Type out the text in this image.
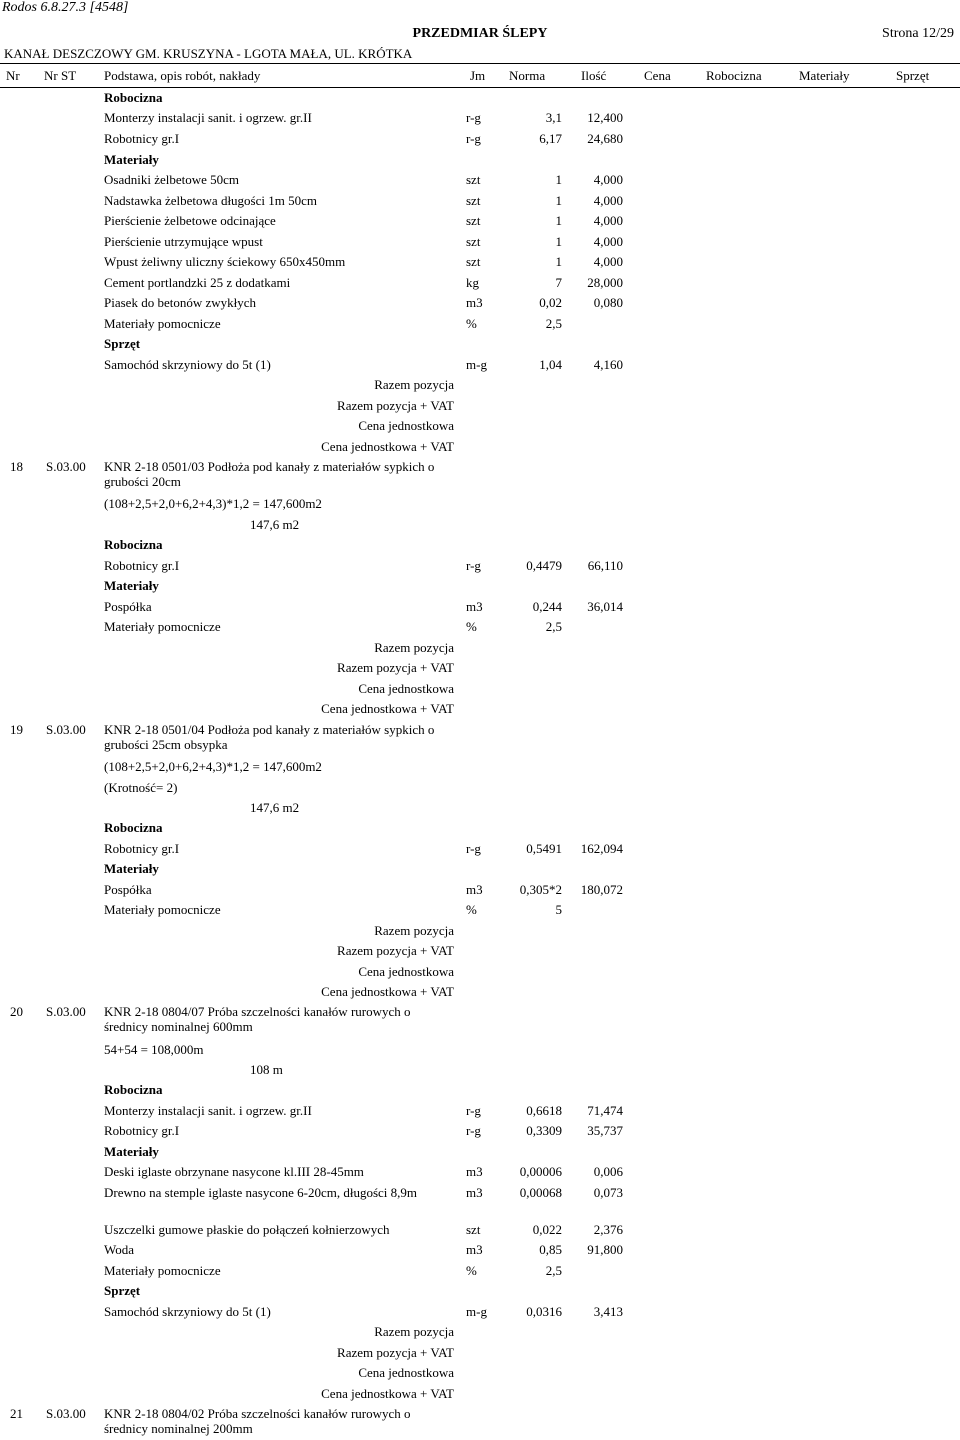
Rodos 6.8.27.3 [4548]
PRZEDMIAR ŚLEPY	Strona 12/29
KANAŁ DESZCZOWY GM. KRUSZYNA - LGOTA MAŁA, UL. KRÓTKA
Nr Nr ST Podstawa, opis robót, nakłady	Jm Norma	Ilość	Cena	Robocizna	Materiały	Sprzęt
Robocizna
Monterzy instalacji sanit. i ogrzew. gr.II	r-g	3,1	12,400
Robotnicy gr.I	r-g	6,17	24,680
Materiały
Osadniki żelbetowe 50cm	szt	1	4,000
Nadstawka żelbetowa długości 1m 50cm	szt	1	4,000
Pierścienie żelbetowe odcinające	szt	1	4,000
Pierścienie utrzymujące wpust	szt	1	4,000
Wpust żeliwny uliczny ściekowy 650x450mm	szt	1	4,000
Cement portlandzki 25 z dodatkami	kg	7	28,000
Piasek do betonów zwykłych	m3	0,02	0,080
Materiały pomocnicze	%	2,5
Sprzęt
Samochód skrzyniowy do 5t (1)	m-g	1,04	4,160
Razem pozycja
Razem pozycja + VAT
Cena jednostkowa
Cena jednostkowa + VAT
18 S.03.00 KNR 2-18 0501/03 Podłoża pod kanały z materiałów sypkich o grubości 20cm
(108+2,5+2,0+6,2+4,3)*1,2 = 147,600m2
147,6 m2
Robocizna
Robotnicy gr.I	r-g	0,4479	66,110
Materiały
Pospółka	m3	0,244	36,014
Materiały pomocnicze	%	2,5
Razem pozycja
Razem pozycja + VAT
Cena jednostkowa
Cena jednostkowa + VAT
19 S.03.00 KNR 2-18 0501/04 Podłoża pod kanały z materiałów sypkich o grubości 25cm obsypka
(108+2,5+2,0+6,2+4,3)*1,2 = 147,600m2
(Krotność= 2)
147,6 m2
Robocizna
Robotnicy gr.I	r-g	0,5491	162,094
Materiały
Pospółka	m3	0,305*2	180,072
Materiały pomocnicze	%	5
Razem pozycja
Razem pozycja + VAT
Cena jednostkowa
Cena jednostkowa + VAT
20 S.03.00 KNR 2-18 0804/07 Próba szczelności kanałów rurowych o średnicy nominalnej 600mm
54+54 = 108,000m
108 m
Robocizna
Monterzy instalacji sanit. i ogrzew. gr.II	r-g	0,6618	71,474
Robotnicy gr.I	r-g	0,3309	35,737
Materiały
Deski iglaste obrzynane nasycone kl.III 28-45mm	m3	0,00006	0,006
Drewno na stemple iglaste nasycone 6-20cm, długości 8,9m	m3	0,00068	0,073
Uszczelki gumowe płaskie do połączeń kołnierzowych	szt	0,022	2,376
Woda	m3	0,85	91,800
Materiały pomocnicze	%	2,5
Sprzęt
Samochód skrzyniowy do 5t (1)	m-g	0,0316	3,413
Razem pozycja
Razem pozycja + VAT
Cena jednostkowa
Cena jednostkowa + VAT
21 S.03.00 KNR 2-18 0804/02 Próba szczelności kanałów rurowych o średnicy nominalnej 200mm
